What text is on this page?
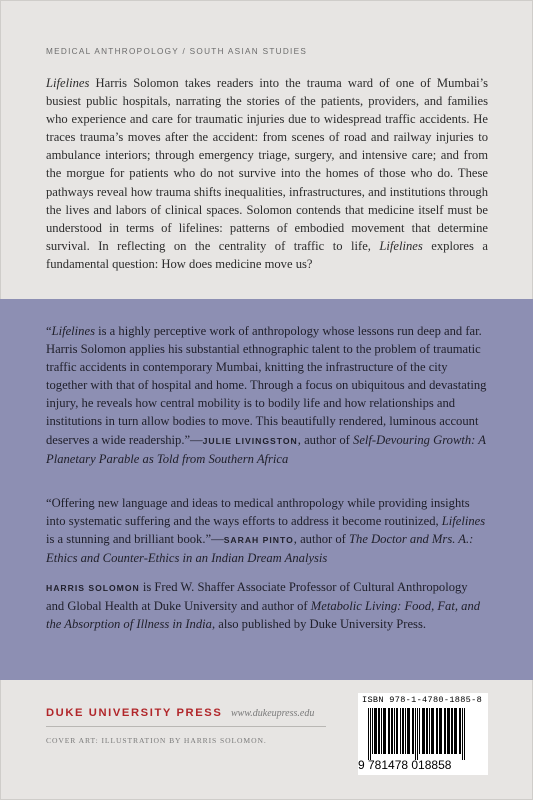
MEDICAL ANTHROPOLOGY / SOUTH ASIAN STUDIES

Lifelines Harris Solomon takes readers into the trauma ward of one of Mumbai’s busiest public hospitals, narrating the stories of the patients, providers, and families who experience and care for traumatic injuries due to widespread traffic accidents. He traces trauma’s moves after the accident: from scenes of road and railway injuries to ambulance interiors; through emergency triage, surgery, and intensive care; and from the morgue for patients who do not survive into the homes of those who do. These pathways reveal how trauma shifts inequalities, infrastructures, and institutions through the lives and labors of clinical spaces. Solomon contends that medicine itself must be understood in terms of lifelines: patterns of embodied movement that determine survival. In reflecting on the centrality of traffic to life, Lifelines explores a fundamental question: How does medicine move us?

“Lifelines is a highly perceptive work of anthropology whose lessons run deep and far. Harris Solomon applies his substantial ethnographic talent to the problem of traumatic traffic accidents in contemporary Mumbai, knitting the infrastructure of the city together with that of hospital and home. Through a focus on ubiquitous and devastating injury, he reveals how central mobility is to bodily life and how relationships and institutions in turn allow bodies to move. This beautifully rendered, luminous account deserves a wide readership.”—JULIE LIVINGSTON, author of Self-Devouring Growth: A Planetary Parable as Told from Southern Africa

“Offering new language and ideas to medical anthropology while providing insights into systematic suffering and the ways efforts to address it become routinized, Lifelines is a stunning and brilliant book.”—SARAH PINTO, author of The Doctor and Mrs. A.: Ethics and Counter-Ethics in an Indian Dream Analysis

HARRIS SOLOMON is Fred W. Shaffer Associate Professor of Cultural Anthropology and Global Health at Duke University and author of Metabolic Living: Food, Fat, and the Absorption of Illness in India, also published by Duke University Press.

DUKE UNIVERSITY PRESS www.dukeupress.edu
COVER ART: ILLUSTRATION BY HARRIS SOLOMON.
ISBN 978-1-4780-1885-8
9 781478 018858
